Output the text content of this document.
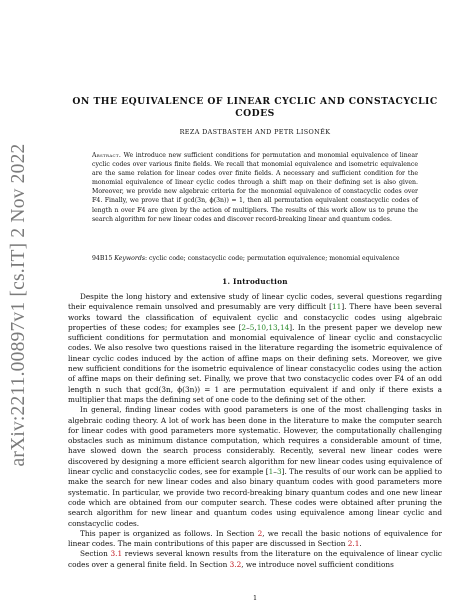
arXiv:2211.00897v1 [cs.IT] 2 Nov 2022
ON THE EQUIVALENCE OF LINEAR CYCLIC AND CONSTACYCLIC
CODES

REZA DASTBASTEH AND PETR LISONĚK

Abstract. We introduce new sufficient conditions for permutation and monomial equivalence of linear cyclic codes over various finite fields. We recall that monomial equivalence and isometric equivalence are the same relation for linear codes over finite fields. A necessary and sufficient condition for the monomial equivalence of linear cyclic codes through a shift map on their defining set is also given. Moreover, we provide new algebraic criteria for the monomial equivalence of constacyclic codes over 𝔽4. Finally, we prove that if gcd(3n, ϕ(3n)) = 1, then all permutation equivalent constacyclic codes of length n over 𝔽4 are given by the action of multipliers. The results of this work allow us to prune the search algorithm for new linear codes and discover record-breaking linear and quantum codes.

94B15 Keywords: cyclic code; constacyclic code; permutation equivalence; monomial equivalence

1. Introduction

Despite the long history and extensive study of linear cyclic codes, several questions regarding their equivalence remain unsolved and presumably are very difficult [11]. There have been several works toward the classification of equivalent cyclic and constacyclic codes using algebraic properties of these codes; for examples see [2–5,10,13,14]. In the present paper we develop new sufficient conditions for permutation and monomial equivalence of linear cyclic and constacyclic codes. We also resolve two questions raised in the literature regarding the isometric equivalence of linear cyclic codes induced by the action of affine maps on their defining sets. Moreover, we give new sufficient conditions for the isometric equivalence of linear constacyclic codes using the action of affine maps on their defining set. Finally, we prove that two constacyclic codes over 𝔽4 of an odd length n such that gcd(3n, ϕ(3n)) = 1 are permutation equivalent if and only if there exists a multiplier that maps the defining set of one code to the defining set of the other.

In general, finding linear codes with good parameters is one of the most challenging tasks in algebraic coding theory. A lot of work has been done in the literature to make the computer search for linear codes with good parameters more systematic. However, the computationally challenging obstacles such as minimum distance computation, which requires a considerable amount of time, have slowed down the search process considerably. Recently, several new linear codes were discovered by designing a more efficient search algorithm for new linear codes using equivalence of linear cyclic and constacyclic codes, see for example [1–3]. The results of our work can be applied to make the search for new linear codes and also binary quantum codes with good parameters more systematic. In particular, we provide two record-breaking binary quantum codes and one new linear code which are obtained from our computer search. These codes were obtained after pruning the search algorithm for new linear and quantum codes using equivalence among linear cyclic and constacyclic codes.

This paper is organized as follows. In Section 2, we recall the basic notions of equivalence for linear codes. The main contributions of this paper are discussed in Section 2.1.

Section 3.1 reviews several known results from the literature on the equivalence of linear cyclic codes over a general finite field. In Section 3.2, we introduce novel sufficient conditions

1
